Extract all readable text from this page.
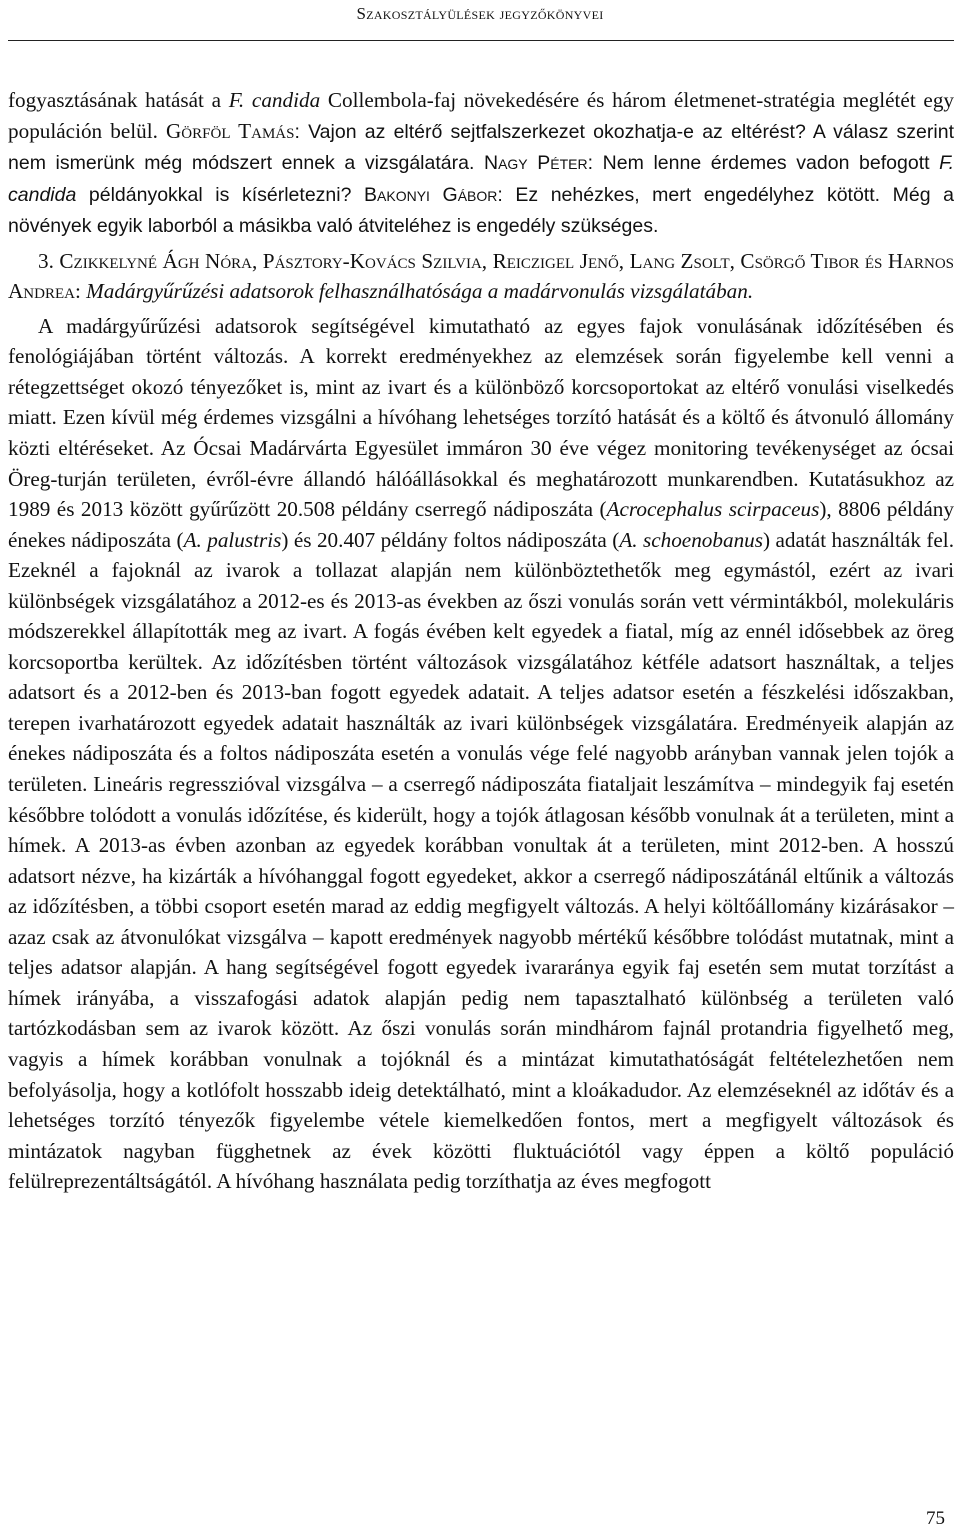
Szakosztályülések jegyzőkönyvei

fogyasztásának hatását a F. candida Collembola-faj növekedésére és három életmenet-stratégia meglétét egy populáción belül. Görföl Tamás: Vajon az eltérő sejtfalszerkezet okozhatja-e az eltérést? A válasz szerint nem ismerünk még módszert ennek a vizsgálatára. Nagy Péter: Nem lenne érdemes vadon befogott F. candida példányokkal is kísérletezni? Bakonyi Gábor: Ez nehézkes, mert engedélyhez kötött. Még a növények egyik laborból a másikba való átviteléhez is engedély szükséges.

3. Czikkelyné Ágh Nóra, Pásztory-Kovács Szilvia, Reiczigel Jenő, Lang Zsolt, Csörgő Tibor és Harnos Andrea: Madárgyűrűzési adatsorok felhasználhatósága a madárvonulás vizsgálatában.

A madárgyűrűzési adatsorok segítségével kimutatható az egyes fajok vonulásának időzítésében és fenológiájában történt változás. A korrekt eredményekhez az elemzések során figyelembe kell venni a rétegzettséget okozó tényezőket is, mint az ivart és a különböző korcsoportokat az eltérő vonulási viselkedés miatt. Ezen kívül még érdemes vizsgálni a hívóhang lehetséges torzító hatását és a költő és átvonuló állomány közti eltéréseket. Az Ócsai Madárvárta Egyesület immáron 30 éve végez monitoring tevékenységet az ócsai Öreg-turján területen, évről-évre állandó hálóállásokkal és meghatározott munkarendben. Kutatásukhoz az 1989 és 2013 között gyűrűzött 20.508 példány cserregő nádiposzáta (Acrocephalus scirpaceus), 8806 példány énekes nádiposzáta (A. palustris) és 20.407 példány foltos nádiposzáta (A. schoenobanus) adatát használták fel. Ezeknél a fajoknál az ivarok a tollazat alapján nem különböztethetők meg egymástól, ezért az ivari különbségek vizsgálatához a 2012-es és 2013-as években az őszi vonulás során vett vérmintákból, molekuláris módszerekkel állapították meg az ivart. A fogás évében kelt egyedek a fiatal, míg az ennél idősebbek az öreg korcsoportba kerültek. Az időzítésben történt változások vizsgálatához kétféle adatsort használtak, a teljes adatsort és a 2012-ben és 2013-ban fogott egyedek adatait. A teljes adatsor esetén a fészkelési időszakban, terepen ivarhatározott egyedek adatait használták az ivari különbségek vizsgálatára. Eredményeik alapján az énekes nádiposzáta és a foltos nádiposzáta esetén a vonulás vége felé nagyobb arányban vannak jelen tojók a területen. Lineáris regresszióval vizsgálva – a cserregő nádiposzáta fiataljait leszámítva – mindegyik faj esetén későbbre tolódott a vonulás időzítése, és kiderült, hogy a tojók átlagosan később vonulnak át a területen, mint a hímek. A 2013-as évben azonban az egyedek korábban vonultak át a területen, mint 2012-ben. A hosszú adatsort nézve, ha kizárták a hívóhanggal fogott egyedeket, akkor a cserregő nádiposzátánál eltűnik a változás az időzítésben, a többi csoport esetén marad az eddig megfigyelt változás. A helyi költőállomány kizárásakor – azaz csak az átvonulókat vizsgálva – kapott eredmények nagyobb mértékű későbbre tolódást mutatnak, mint a teljes adatsor alapján. A hang segítségével fogott egyedek ivararánya egyik faj esetén sem mutat torzítást a hímek irányába, a visszafogási adatok alapján pedig nem tapasztalható különbség a területen való tartózkodásban sem az ivarok között. Az őszi vonulás során mindhárom fajnál protandria figyelhető meg, vagyis a hímek korábban vonulnak a tojóknál és a mintázat kimutathatóságát feltételezhetően nem befolyásolja, hogy a kotlófolt hosszabb ideig detektálható, mint a kloákadudor. Az elemzéseknél az időtáv és a lehetséges torzító tényezők figyelembe vétele kiemelkedően fontos, mert a megfigyelt változások és mintázatok nagyban függhetnek az évek közötti fluktuációtól vagy éppen a költő populáció felülreprezentáltságától. A hívóhang használata pedig torzíthatja az éves megfogott

75
